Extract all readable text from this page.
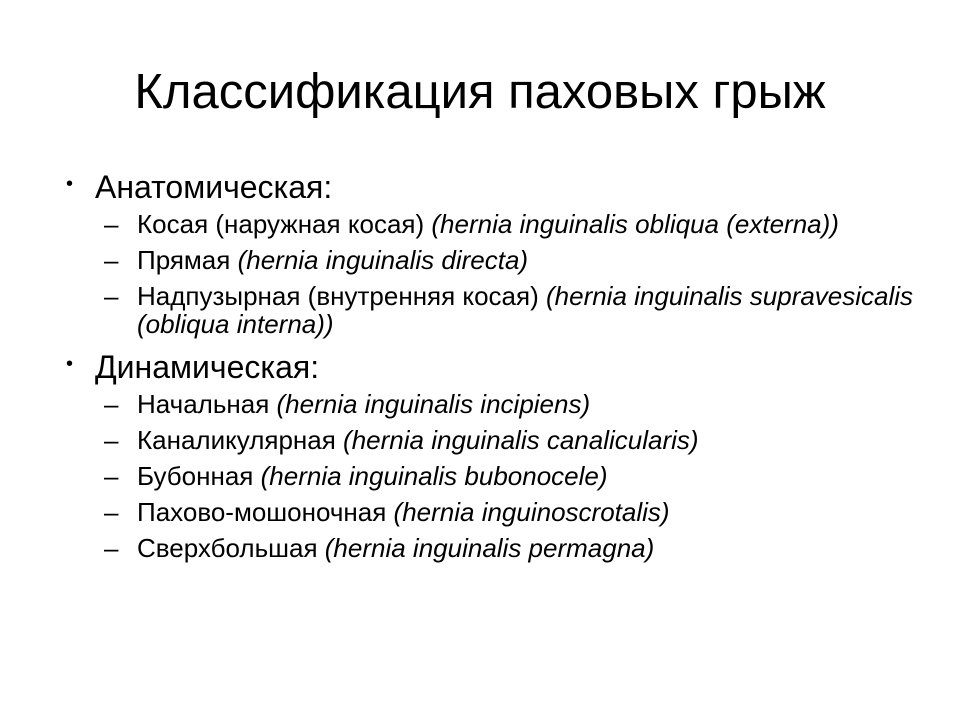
Классификация паховых грыж
• Анатомическая:
– Косая (наружная косая) (hernia inguinalis obliqua (externa))
– Прямая (hernia inguinalis directa)
– Надпузырная (внутренняя косая) (hernia inguinalis supravesicalis (obliqua interna))
• Динамическая:
– Начальная (hernia inguinalis incipiens)
– Каналикулярная (hernia inguinalis canalicularis)
– Бубонная (hernia inguinalis bubonocele)
– Пахово-мошоночная (hernia inguinoscrotalis)
– Сверхбольшая (hernia inguinalis permagna)
